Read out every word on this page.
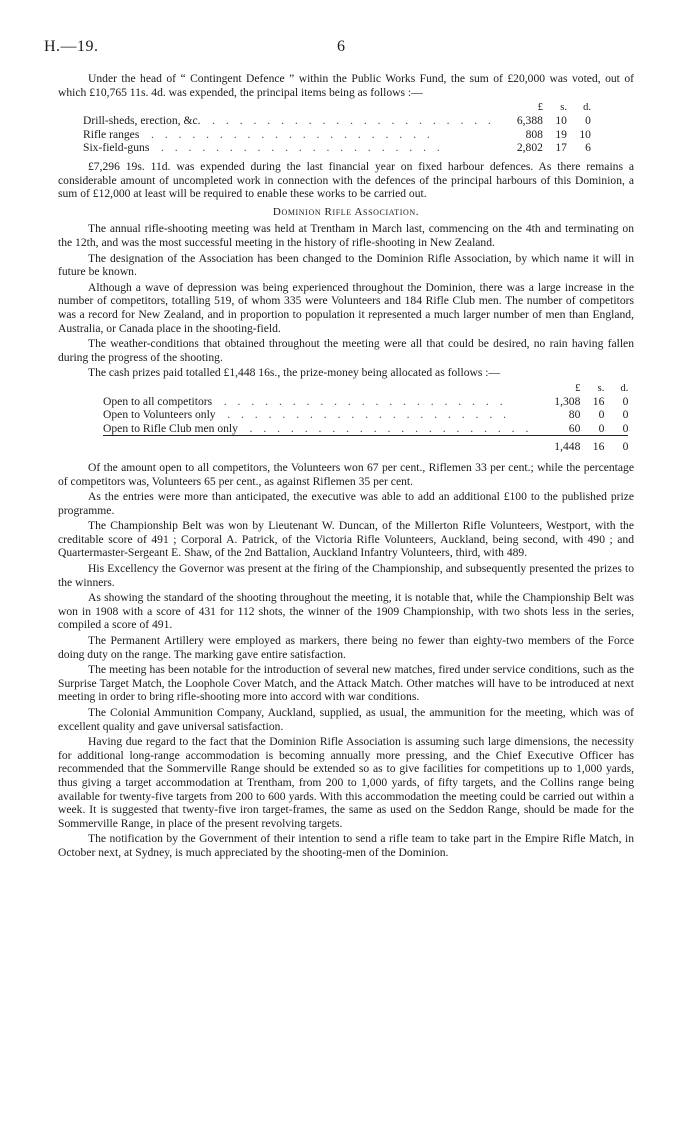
H.—19.	6

Under the head of “ Contingent Defence ” within the Public Works Fund, the sum of £20,000 was voted, out of which £10,765 11s. 4d. was expended, the principal items being as follows :—

	£	s.	d.
Drill-sheds, erection, &c. . . . . . . . . . . . . . . . . . . . . .	6,388	10	0
Rifle ranges . . . . . . . . . . . . . . . . . . . . .	808	19	10
Six-field-guns . . . . . . . . . . . . . . . . . . . . .	2,802	17	6

£7,296 19s. 11d. was expended during the last financial year on fixed harbour defences. As there remains a considerable amount of uncompleted work in connection with the defences of the principal harbours of this Dominion, a sum of £12,000 at least will be required to enable these works to be carried out.

Dominion Rifle Association.

The annual rifle-shooting meeting was held at Trentham in March last, commencing on the 4th and terminating on the 12th, and was the most successful meeting in the history of rifle-shooting in New Zealand.

The designation of the Association has been changed to the Dominion Rifle Association, by which name it will in future be known.

Although a wave of depression was being experienced throughout the Dominion, there was a large increase in the number of competitors, totalling 519, of whom 335 were Volunteers and 184 Rifle Club men. The number of competitors was a record for New Zealand, and in proportion to population it represented a much larger number of men than England, Australia, or Canada place in the shooting-field.

The weather-conditions that obtained throughout the meeting were all that could be desired, no rain having fallen during the progress of the shooting.

The cash prizes paid totalled £1,448 16s., the prize-money being allocated as follows :—

	£	s.	d.
Open to all competitors . . . . . . . . . . . . . . . . . . . . .	1,308	16	0
Open to Volunteers only . . . . . . . . . . . . . . . . . . . . .	80	0	0
Open to Rifle Club men only . . . . . . . . . . . . . . . . . . . . .	60	0	0
	1,448	16	0

Of the amount open to all competitors, the Volunteers won 67 per cent., Riflemen 33 per cent.; while the percentage of competitors was, Volunteers 65 per cent., as against Riflemen 35 per cent.

As the entries were more than anticipated, the executive was able to add an additional £100 to the published prize programme.

The Championship Belt was won by Lieutenant W. Duncan, of the Millerton Rifle Volunteers, Westport, with the creditable score of 491 ; Corporal A. Patrick, of the Victoria Rifle Volunteers, Auckland, being second, with 490 ; and Quartermaster-Sergeant E. Shaw, of the 2nd Battalion, Auckland Infantry Volunteers, third, with 489.

His Excellency the Governor was present at the firing of the Championship, and subsequently presented the prizes to the winners.

As showing the standard of the shooting throughout the meeting, it is notable that, while the Championship Belt was won in 1908 with a score of 431 for 112 shots, the winner of the 1909 Championship, with two shots less in the series, compiled a score of 491.

The Permanent Artillery were employed as markers, there being no fewer than eighty-two members of the Force doing duty on the range. The marking gave entire satisfaction.

The meeting has been notable for the introduction of several new matches, fired under service conditions, such as the Surprise Target Match, the Loophole Cover Match, and the Attack Match. Other matches will have to be introduced at next meeting in order to bring rifle-shooting more into accord with war conditions.

The Colonial Ammunition Company, Auckland, supplied, as usual, the ammunition for the meeting, which was of excellent quality and gave universal satisfaction.

Having due regard to the fact that the Dominion Rifle Association is assuming such large dimensions, the necessity for additional long-range accommodation is becoming annually more pressing, and the Chief Executive Officer has recommended that the Sommerville Range should be extended so as to give facilities for competitions up to 1,000 yards, thus giving a target accommodation at Trentham, from 200 to 1,000 yards, of fifty targets, and the Collins range being available for twenty-five targets from 200 to 600 yards. With this accommodation the meeting could be carried out within a week. It is suggested that twenty-five iron target-frames, the same as used on the Seddon Range, should be made for the Sommerville Range, in place of the present revolving targets.

The notification by the Government of their intention to send a rifle team to take part in the Empire Rifle Match, in October next, at Sydney, is much appreciated by the shooting-men of the Dominion.
